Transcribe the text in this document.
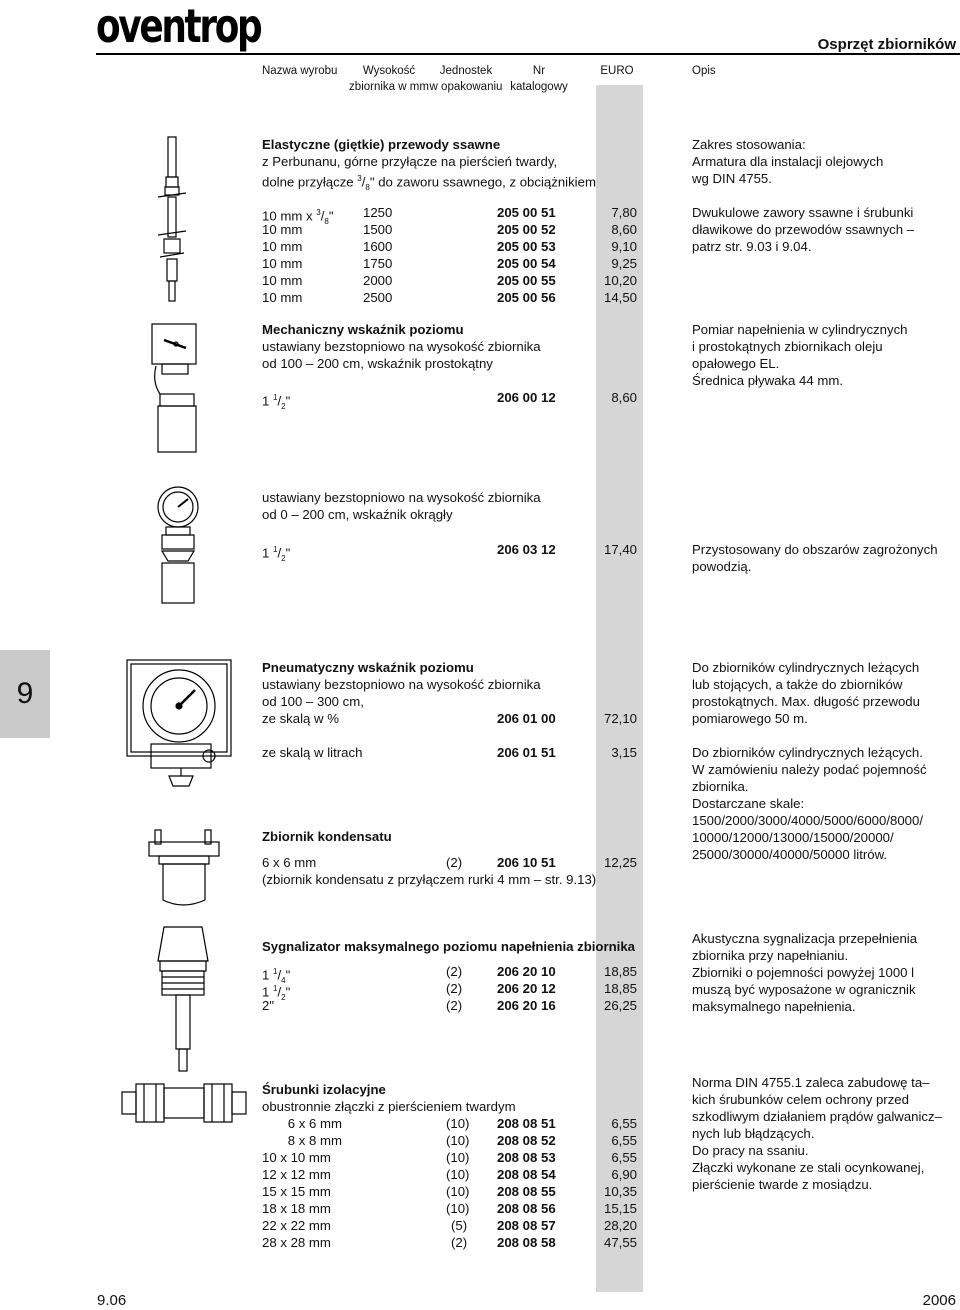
oventrop	Osprzęt zbiorników
Nazwa wyrobu	Wysokość
zbiornika w mm
Jednostek
w opakowaniu
Nr
katalogowy
EURO	Opis
9
Elastyczne (giętkie) przewody ssawne
z Perbunanu, górne przyłącze na pierścień twardy,
dolne przyłącze $^3/_8$" do zaworu ssawnego, z obciążnikiem
10 mm x $^3/_8$" 1250	205 00 51	7,80
10 mm	1500	205 00 52	8,60
10 mm	1600	205 00 53	9,10
10 mm	1750	205 00 54	9,25
10 mm	2000	205 00 55	10,20
10 mm	2500	205 00 56	14,50
Zakres stosowania:
Armatura dla instalacji olejowych
wg DIN 4755.
Dwukulowe zawory ssawne i śrubunki
dławikowe do przewodów ssawnych –
patrz str. 9.03 i 9.04.
Mechaniczny wskaźnik poziomu
ustawiany bezstopniowo na wysokość zbiornika
od 100 – 200 cm, wskaźnik prostokątny
1 $^1/_2$"	206 00 12	8,60
Pomiar napełnienia w cylindrycznych
i prostokątnych zbiornikach oleju
opałowego EL.
Średnica pływaka 44 mm.
ustawiany bezstopniowo na wysokość zbiornika
od 0 – 200 cm, wskaźnik okrągły
1 $^1/_2$"	206 03 12	17,40	Przystosowany do obszarów zagrożonych
powodzią.
Pneumatyczny wskaźnik poziomu
ustawiany bezstopniowo na wysokość zbiornika
od 100 – 300 cm,
ze skalą w %	206 01 00	72,10
ze skalą w litrach	206 01 51	3,15
Do zbiorników cylindrycznych leżących
lub stojących, a także do zbiorników
prostokątnych. Max. długość przewodu
pomiarowego 50 m.
Do zbiorników cylindrycznych leżących.
W zamówieniu należy podać pojemność
zbiornika.
Dostarczane skale:
1500/2000/3000/4000/5000/6000/8000/
10000/12000/13000/15000/20000/
25000/30000/40000/50000 litrów.
Zbiornik kondensatu
6 x 6 mm	(2)	206 10 51	12,25
(zbiornik kondensatu z przyłączem rurki 4 mm – str. 9.13)
Sygnalizator maksymalnego poziomu napełnienia zbiornika
1 $^1/_4$"	(2)	206 20 10	18,85
1 $^1/_2$"	(2)	206 20 12	18,85
2"	(2)	206 20 16	26,25
Akustyczna sygnalizacja przepełnienia
zbiornika przy napełnianiu.
Zbiorniki o pojemności powyżej 1000 l
muszą być wyposażone w ogranicznik
maksymalnego napełnienia.
Śrubunki izolacyjne
obustronnie złączki z pierścieniem twardym
6 x 6 mm	(10) 208 08 51	6,55
8 x 8 mm	(10) 208 08 52	6,55
10 x 10 mm	(10) 208 08 53	6,55
12 x 12 mm	(10) 208 08 54	6,90
15 x 15 mm	(10) 208 08 55	10,35
18 x 18 mm	(10) 208 08 56	15,15
22 x 22 mm	(5) 208 08 57	28,20
28 x 28 mm	(2) 208 08 58	47,55
Norma DIN 4755.1 zaleca zabudowę ta–
kich śrubunków celem ochrony przed
szkodliwym działaniem prądów galwanicz–
nych lub błądzących.
Do pracy na ssaniu.
Złączki wykonane ze stali ocynkowanej,
pierścienie twarde z mosiądzu.
9.06	2006
